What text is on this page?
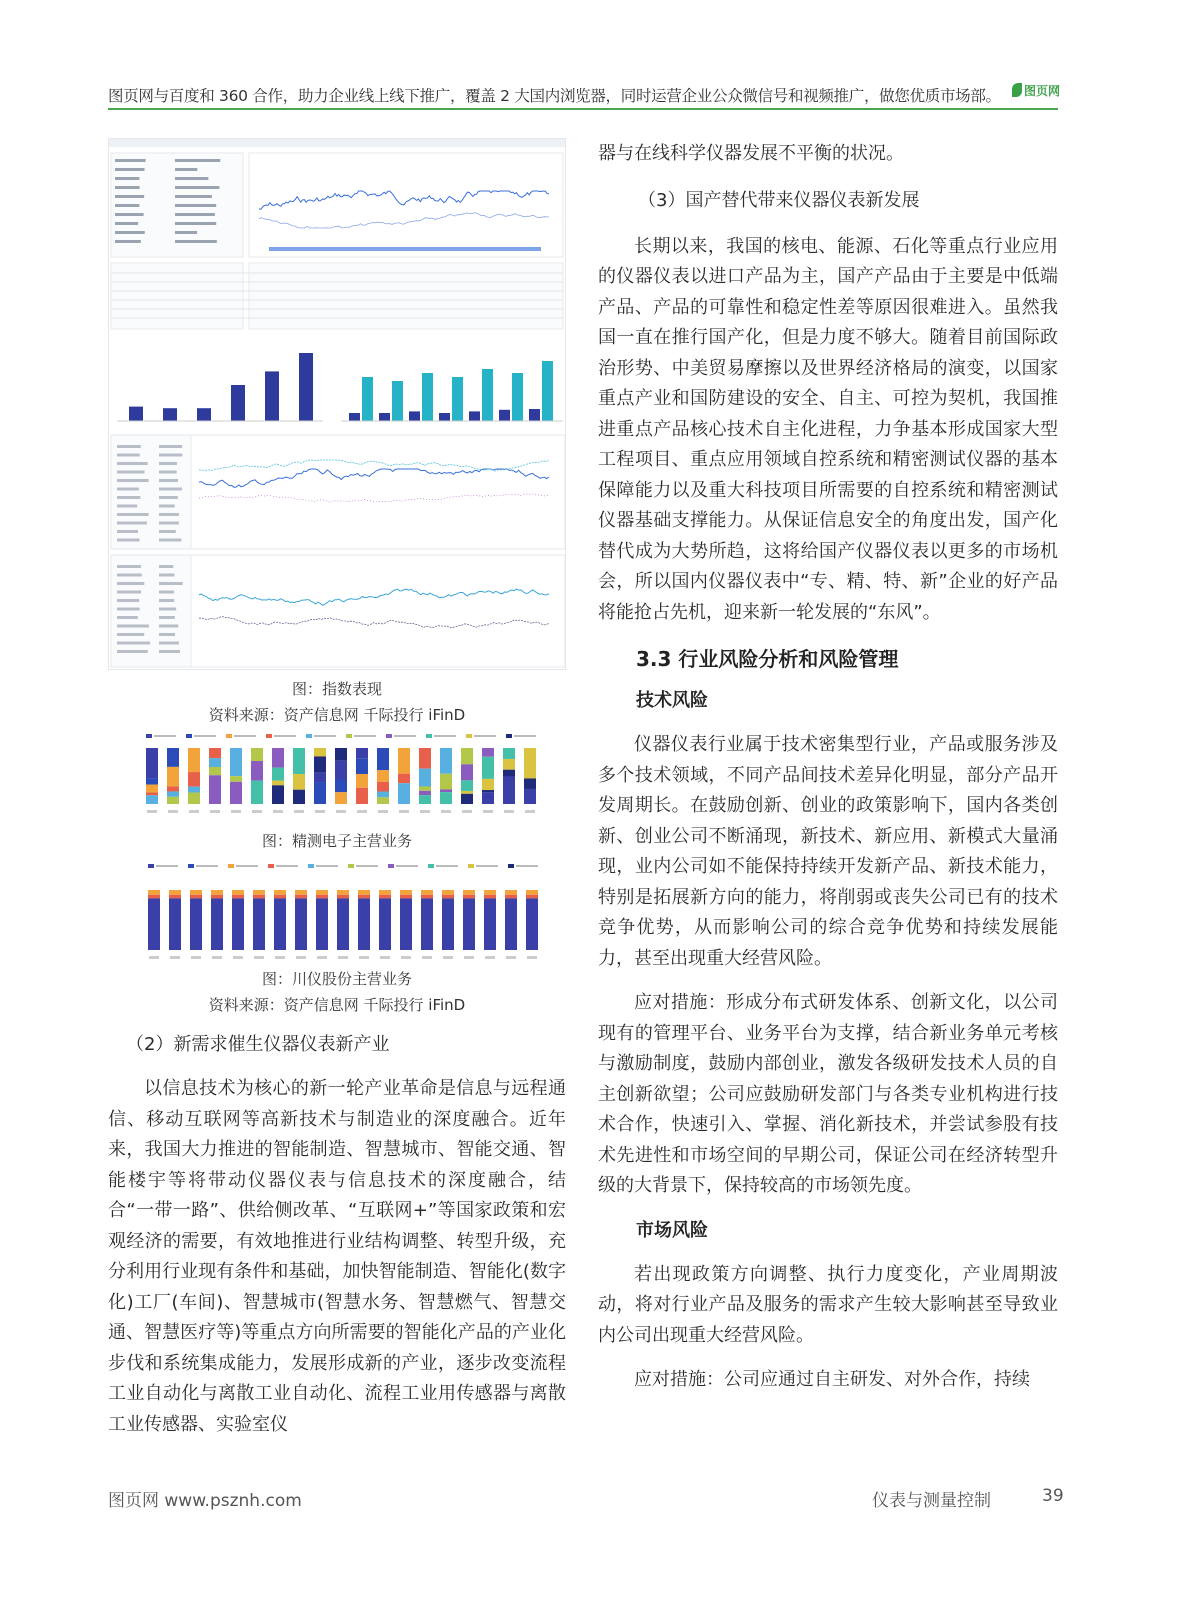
图页网与百度和 360 合作，助力企业线上线下推广，覆盖 2 大国内浏览器，同时运营企业公众微信号和视频推广，做您优质市场部。	图页网
图：指数表现
资料来源：资产信息网 千际投行 iFinD
图：精测电子主营业务
图：川仪股份主营业务
资料来源：资产信息网 千际投行 iFinD

（2）新需求催生仪器仪表新产业

以信息技术为核心的新一轮产业革命是信息与远程通信、移动互联网等高新技术与制造业的深度融合。近年来，我国大力推进的智能制造、智慧城市、智能交通、智能楼宇等将带动仪器仪表与信息技术的深度融合，结合“一带一路”、供给侧改革、“互联网+”等国家政策和宏观经济的需要，有效地推进行业结构调整、转型升级，充分利用行业现有条件和基础，加快智能制造、智能化(数字化)工厂(车间)、智慧城市(智慧水务、智慧燃气、智慧交通、智慧医疗等)等重点方向所需要的智能化产品的产业化步伐和系统集成能力，发展形成新的产业，逐步改变流程工业自动化与离散工业自动化、流程工业用传感器与离散工业传感器、实验室仪

器与在线科学仪器发展不平衡的状况。

（3）国产替代带来仪器仪表新发展

长期以来，我国的核电、能源、石化等重点行业应用的仪器仪表以进口产品为主，国产产品由于主要是中低端产品、产品的可靠性和稳定性差等原因很难进入。虽然我国一直在推行国产化，但是力度不够大。随着目前国际政治形势、中美贸易摩擦以及世界经济格局的演变，以国家重点产业和国防建设的安全、自主、可控为契机，我国推进重点产品核心技术自主化进程，力争基本形成国家大型工程项目、重点应用领域自控系统和精密测试仪器的基本保障能力以及重大科技项目所需要的自控系统和精密测试仪器基础支撑能力。从保证信息安全的角度出发，国产化替代成为大势所趋，这将给国产仪器仪表以更多的市场机会，所以国内仪器仪表中“专、精、特、新”企业的好产品将能抢占先机，迎来新一轮发展的“东风”。

3.3 行业风险分析和风险管理

技术风险

仪器仪表行业属于技术密集型行业，产品或服务涉及多个技术领域，不同产品间技术差异化明显，部分产品开发周期长。在鼓励创新、创业的政策影响下，国内各类创新、创业公司不断涌现，新技术、新应用、新模式大量涌现，业内公司如不能保持持续开发新产品、新技术能力，特别是拓展新方向的能力，将削弱或丧失公司已有的技术竞争优势，从而影响公司的综合竞争优势和持续发展能力，甚至出现重大经营风险。

应对措施：形成分布式研发体系、创新文化，以公司现有的管理平台、业务平台为支撑，结合新业务单元考核与激励制度，鼓励内部创业，激发各级研发技术人员的自主创新欲望；公司应鼓励研发部门与各类专业机构进行技术合作，快速引入、掌握、消化新技术，并尝试参股有技术先进性和市场空间的早期公司，保证公司在经济转型升级的大背景下，保持较高的市场领先度。

市场风险

若出现政策方向调整、执行力度变化，产业周期波动，将对行业产品及服务的需求产生较大影响甚至导致业内公司出现重大经营风险。

应对措施：公司应通过自主研发、对外合作，持续

图页网 www.psznh.com	仪表与测量控制	39
